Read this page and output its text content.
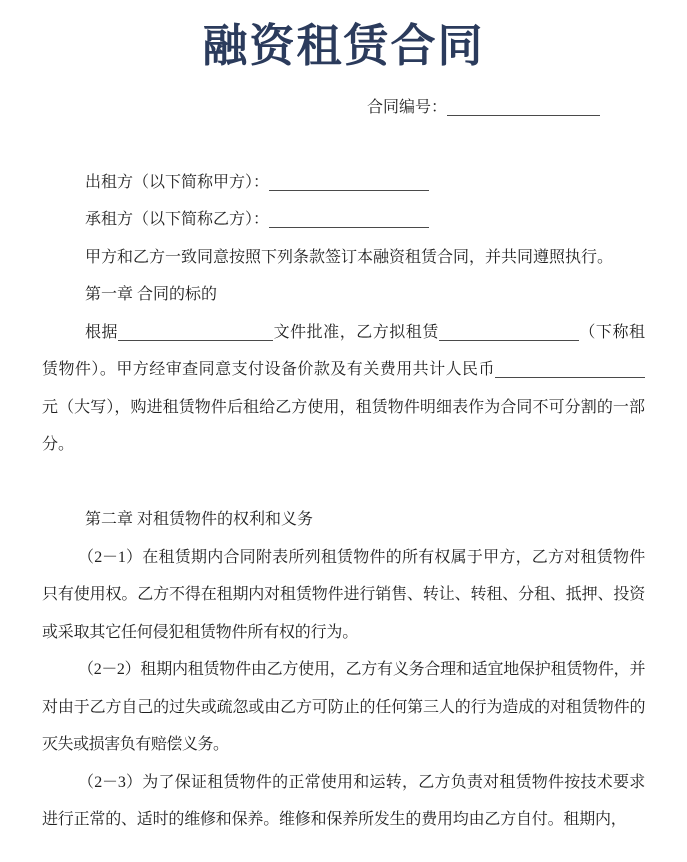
融资租赁合同
合同编号：

出租方（以下简称甲方）：

承租方（以下简称乙方）：

甲方和乙方一致同意按照下列条款签订本融资租赁合同，并共同遵照执行。

第一章 合同的标的

根据	文件批准，乙方拟租赁	（下称租赁物件）。甲方经审查同意支付设备价款及有关费用共计人民币元（大写），购进租赁物件后租给乙方使用，租赁物件明细表作为合同不可分割的一部分。

第二章 对租赁物件的权利和义务

（2－1）在租赁期内合同附表所列租赁物件的所有权属于甲方，乙方对租赁物件只有使用权。乙方不得在租期内对租赁物件进行销售、转让、转租、分租、抵押、投资或采取其它任何侵犯租赁物件所有权的行为。

（2－2）租期内租赁物件由乙方使用，乙方有义务合理和适宜地保护租赁物件，并对由于乙方自己的过失或疏忽或由乙方可防止的任何第三人的行为造成的对租赁物件的灭失或损害负有赔偿义务。

（2－3）为了保证租赁物件的正常使用和运转，乙方负责对租赁物件按技术要求进行正常的、适时的维修和保养。维修和保养所发生的费用均由乙方自付。租期内，
